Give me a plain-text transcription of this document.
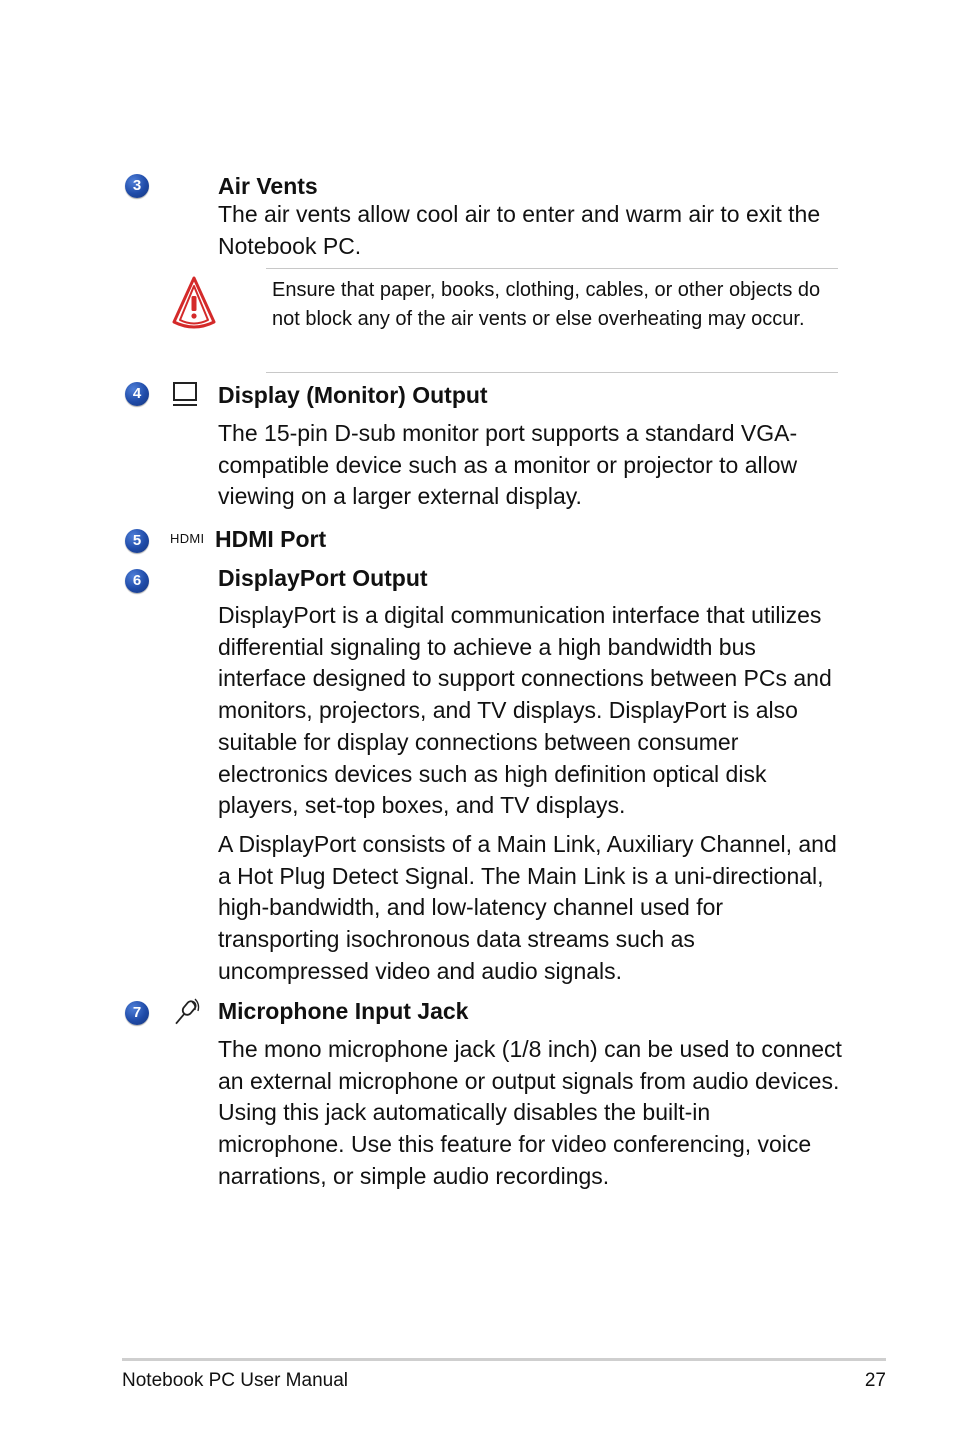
3	Air Vents
The air vents allow cool air to enter and warm air to exit the Notebook PC.
Ensure that paper, books, clothing, cables, or other objects do not block any of the air vents or else overheating may occur.
4	Display (Monitor) Output
The 15-pin D-sub monitor port supports a standard VGA-compatible device such as a monitor or projector to allow viewing on a larger external display.
5	HDMI HDMI Port
6	DisplayPort Output
DisplayPort is a digital communication interface that utilizes differential signaling to achieve a high bandwidth bus interface designed to support connections between PCs and monitors, projectors, and TV displays. DisplayPort is also suitable for display connections between consumer electronics devices such as high definition optical disk players, set-top boxes, and TV displays.
A DisplayPort consists of a Main Link, Auxiliary Channel, and a Hot Plug Detect Signal. The Main Link is a uni-directional, high-bandwidth, and low-latency channel used for transporting isochronous data streams such as uncompressed video and audio signals.
7	Microphone Input Jack
The mono microphone jack (1/8 inch) can be used to connect an external microphone or output signals from audio devices. Using this jack automatically disables the built-in microphone. Use this feature for video conferencing, voice narrations, or simple audio recordings.
Notebook PC User Manual	27
